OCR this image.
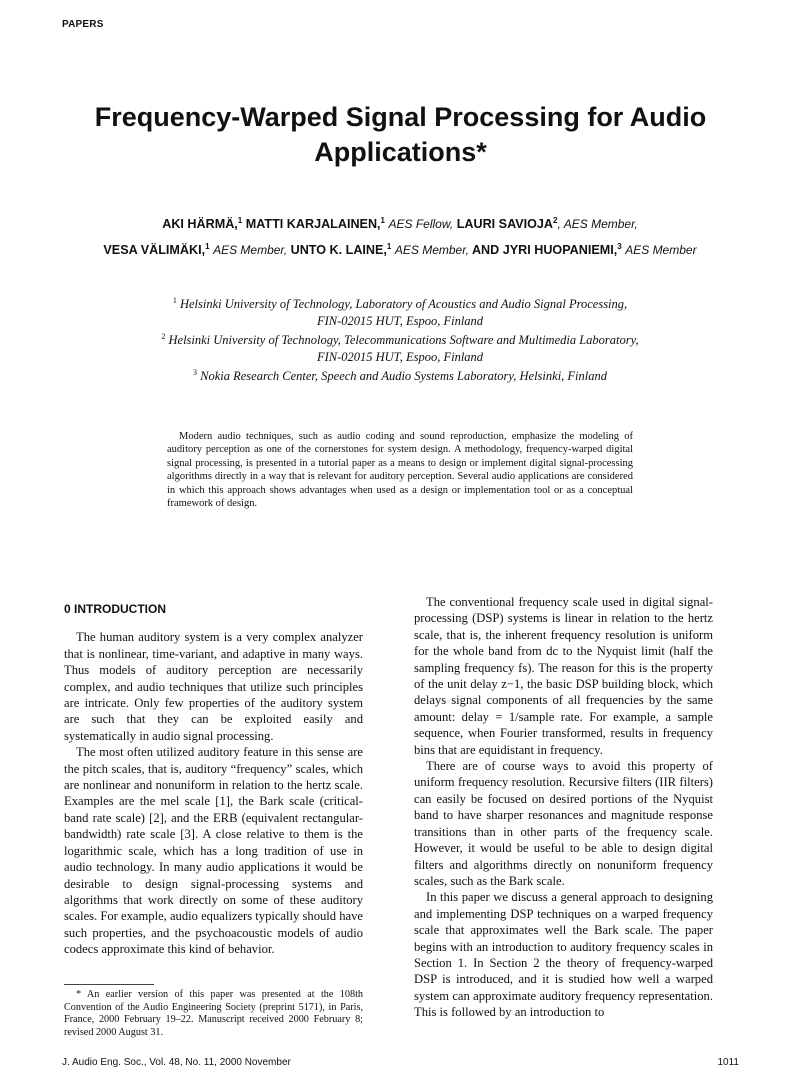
PAPERS
Frequency-Warped Signal Processing for Audio Applications*
AKI HÄRMÄ,$^1$ MATTI KARJALAINEN,$^1$ AES Fellow, LAURI SAVIOJA$^2$, AES Member,
VESA VÄLIMÄKI,$^1$ AES Member, UNTO K. LAINE,$^1$ AES Member, AND JYRI HUOPANIEMI,$^3$ AES Member
$^1$ Helsinki University of Technology, Laboratory of Acoustics and Audio Signal Processing,
FIN-02015 HUT, Espoo, Finland
$^2$ Helsinki University of Technology, Telecommunications Software and Multimedia Laboratory,
FIN-02015 HUT, Espoo, Finland
$^3$ Nokia Research Center, Speech and Audio Systems Laboratory, Helsinki, Finland

Modern audio techniques, such as audio coding and sound reproduction, emphasize the modeling of auditory perception as one of the cornerstones for system design. A methodology, frequency-warped digital signal processing, is presented in a tutorial paper as a means to design or implement digital signal-processing algorithms directly in a way that is relevant for auditory perception. Several audio applications are considered in which this approach shows advantages when used as a design or implementation tool or as a conceptual framework of design.

0 INTRODUCTION

The human auditory system is a very complex analyzer that is nonlinear, time-variant, and adaptive in many ways. Thus models of auditory perception are necessarily complex, and audio techniques that utilize such principles are intricate. Only few properties of the auditory system are such that they can be exploited easily and systematically in audio signal processing.

The most often utilized auditory feature in this sense are the pitch scales, that is, auditory “frequency” scales, which are nonlinear and nonuniform in relation to the hertz scale. Examples are the mel scale [1], the Bark scale (critical-band rate scale) [2], and the ERB (equivalent rectangular-bandwidth) rate scale [3]. A close relative to them is the logarithmic scale, which has a long tradition of use in audio technology. In many audio applications it would be desirable to design signal-processing systems and algorithms that work directly on some of these auditory scales. For example, audio equalizers typically should have such properties, and the psychoacoustic models of audio codecs approximate this kind of behavior.

The conventional frequency scale used in digital signal-processing (DSP) systems is linear in relation to the hertz scale, that is, the inherent frequency resolution is uniform for the whole band from dc to the Nyquist limit (half the sampling frequency fs). The reason for this is the property of the unit delay z−1, the basic DSP building block, which delays signal components of all frequencies by the same amount: delay = 1/sample rate. For example, a sample sequence, when Fourier transformed, results in frequency bins that are equidistant in frequency.

There are of course ways to avoid this property of uniform frequency resolution. Recursive filters (IIR filters) can easily be focused on desired portions of the Nyquist band to have sharper resonances and magnitude response transitions than in other parts of the frequency scale. However, it would be useful to be able to design digital filters and algorithms directly on nonuniform frequency scales, such as the Bark scale.

In this paper we discuss a general approach to designing and implementing DSP techniques on a warped frequency scale that approximates well the Bark scale. The paper begins with an introduction to auditory frequency scales in Section 1. In Section 2 the theory of frequency-warped DSP is introduced, and it is studied how well a warped system can approximate auditory frequency representation. This is followed by an introduction to

* An earlier version of this paper was presented at the 108th Convention of the Audio Engineering Society (preprint 5171), in Paris, France, 2000 February 19–22. Manuscript received 2000 February 8; revised 2000 August 31.

J. Audio Eng. Soc., Vol. 48, No. 11, 2000 November	1011
